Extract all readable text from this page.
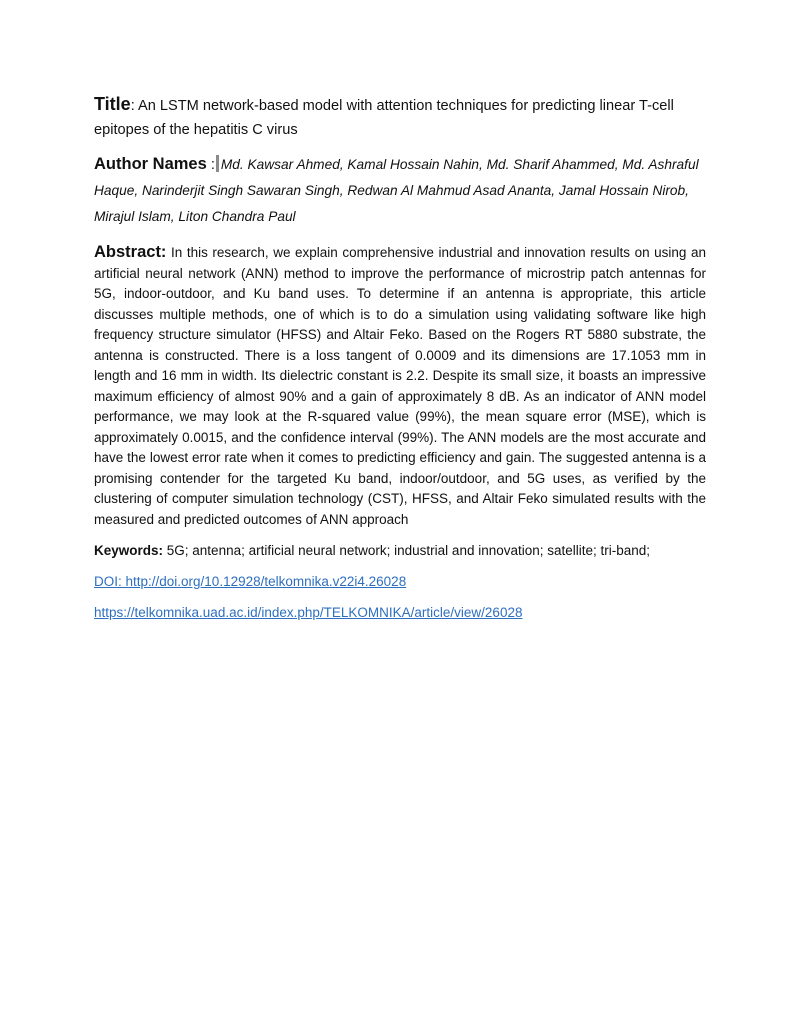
Title: An LSTM network-based model with attention techniques for predicting linear T-cell epitopes of the hepatitis C virus

Author Names : Md. Kawsar Ahmed, Kamal Hossain Nahin, Md. Sharif Ahammed, Md. Ashraful Haque, Narinderjit Singh Sawaran Singh, Redwan Al Mahmud Asad Ananta, Jamal Hossain Nirob, Mirajul Islam, Liton Chandra Paul

Abstract: In this research, we explain comprehensive industrial and innovation results on using an artificial neural network (ANN) method to improve the performance of microstrip patch antennas for 5G, indoor-outdoor, and Ku band uses. To determine if an antenna is appropriate, this article discusses multiple methods, one of which is to do a simulation using validating software like high frequency structure simulator (HFSS) and Altair Feko. Based on the Rogers RT 5880 substrate, the antenna is constructed. There is a loss tangent of 0.0009 and its dimensions are 17.1053 mm in length and 16 mm in width. Its dielectric constant is 2.2. Despite its small size, it boasts an impressive maximum efficiency of almost 90% and a gain of approximately 8 dB. As an indicator of ANN model performance, we may look at the R-squared value (99%), the mean square error (MSE), which is approximately 0.0015, and the confidence interval (99%). The ANN models are the most accurate and have the lowest error rate when it comes to predicting efficiency and gain. The suggested antenna is a promising contender for the targeted Ku band, indoor/outdoor, and 5G uses, as verified by the clustering of computer simulation technology (CST), HFSS, and Altair Feko simulated results with the measured and predicted outcomes of ANN approach

Keywords: 5G; antenna; artificial neural network; industrial and innovation; satellite; tri-band;

DOI: http://doi.org/10.12928/telkomnika.v22i4.26028

https://telkomnika.uad.ac.id/index.php/TELKOMNIKA/article/view/26028
